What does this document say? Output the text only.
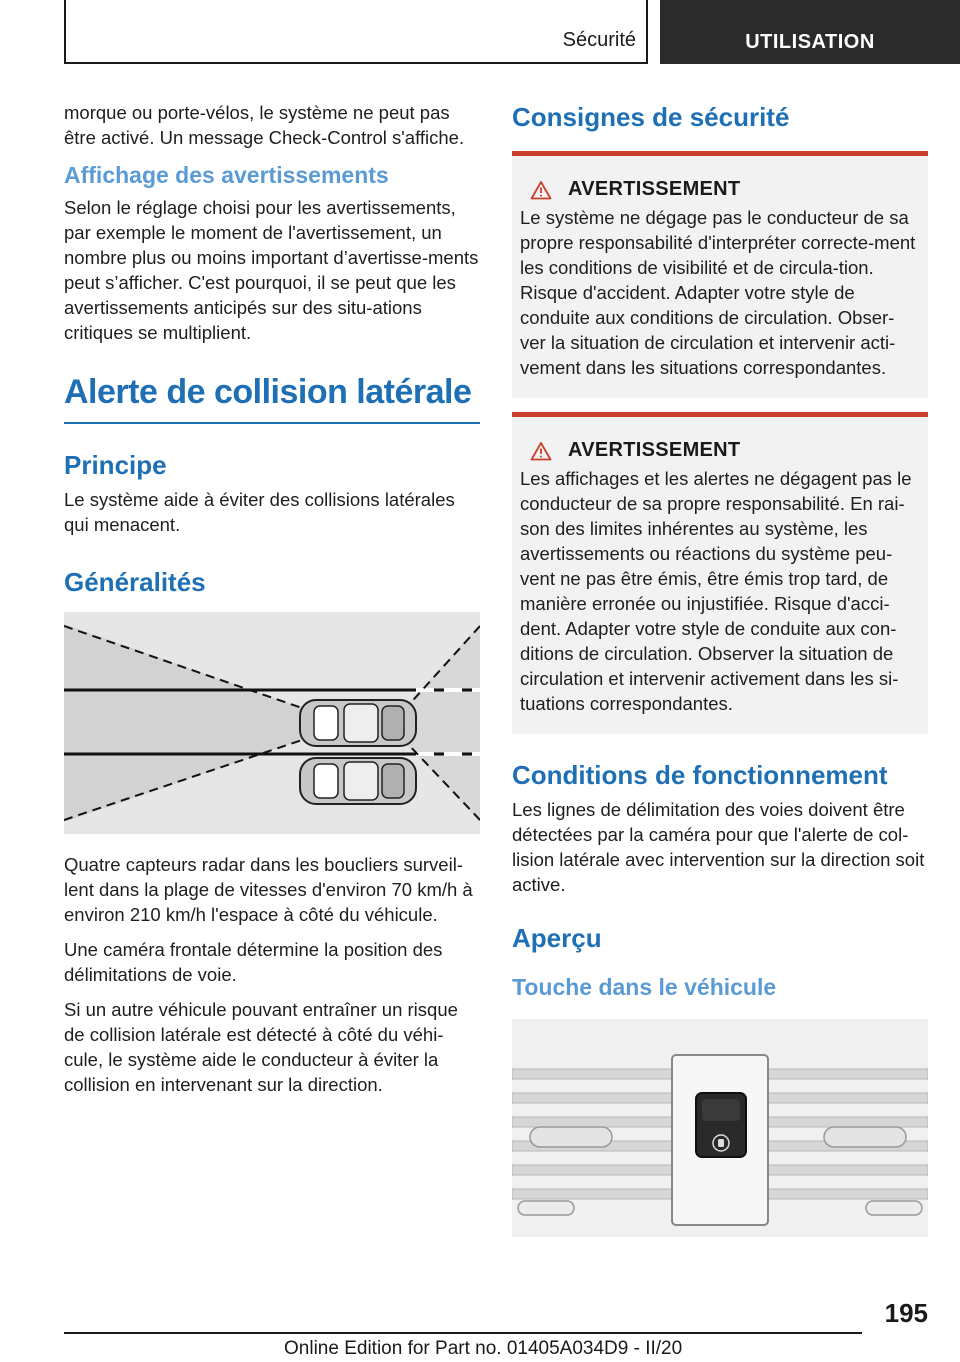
Sécurité	UTILISATION

morque ou porte-vélos, le système ne peut pas être activé. Un message Check-Control s'affiche.

Affichage des avertissements

Selon le réglage choisi pour les avertissements, par exemple le moment de l'avertissement, un nombre plus ou moins important d’avertisse-ments peut s’afficher. C'est pourquoi, il se peut que les avertissements anticipés sur des situ-ations critiques se multiplient.

Alerte de collision latérale
Principe

Le système aide à éviter des collisions latérales qui menacent.

Généralités

Quatre capteurs radar dans les boucliers surveil-lent dans la plage de vitesses d'environ 70 km/h à environ 210 km/h l'espace à côté du véhicule.

Une caméra frontale détermine la position des délimitations de voie.

Si un autre véhicule pouvant entraîner un risque de collision latérale est détecté à côté du véhi-cule, le système aide le conducteur à éviter la collision en intervenant sur la direction.

Consignes de sécurité
AVERTISSEMENT

Le système ne dégage pas le conducteur de sa propre responsabilité d'interpréter correcte-ment les conditions de visibilité et de circula-tion. Risque d'accident. Adapter votre style de conduite aux conditions de circulation. Obser-ver la situation de circulation et intervenir acti-vement dans les situations correspondantes.

AVERTISSEMENT

Les affichages et les alertes ne dégagent pas le conducteur de sa propre responsabilité. En rai-son des limites inhérentes au système, les avertissements ou réactions du système peu-vent ne pas être émis, être émis trop tard, de manière erronée ou injustifiée. Risque d'acci-dent. Adapter votre style de conduite aux con-ditions de circulation. Observer la situation de circulation et intervenir activement dans les si-tuations correspondantes.

Conditions de fonctionnement

Les lignes de délimitation des voies doivent être détectées par la caméra pour que l'alerte de col-lision latérale avec intervention sur la direction soit active.

Aperçu
Touche dans le véhicule
195
Online Edition for Part no. 01405A034D9 - II/20
